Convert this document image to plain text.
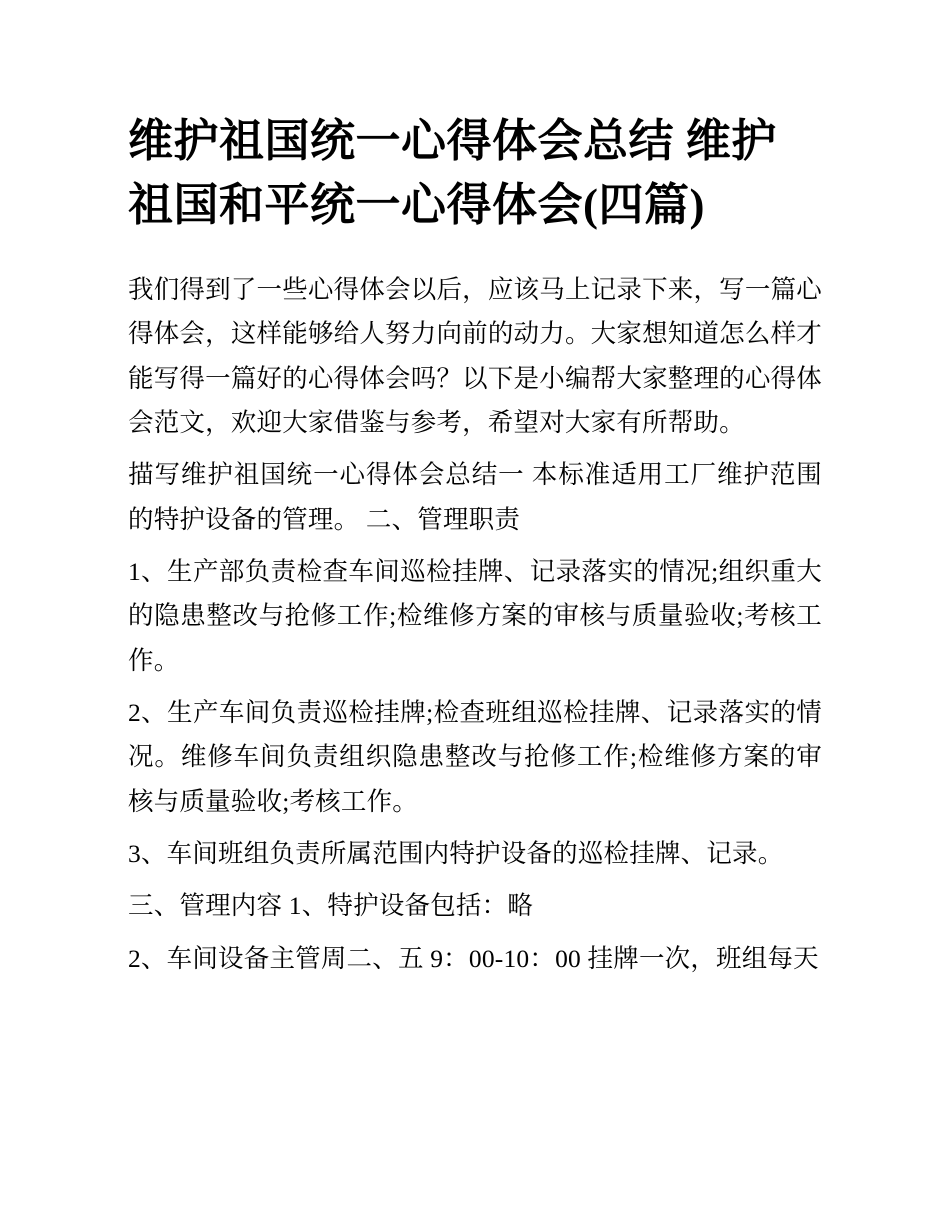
维护祖国统一心得体会总结 维护祖国和平统一心得体会(四篇)

我们得到了一些心得体会以后，应该马上记录下来，写一篇心得体会，这样能够给人努力向前的动力。大家想知道怎么样才能写得一篇好的心得体会吗？以下是小编帮大家整理的心得体会范文，欢迎大家借鉴与参考，希望对大家有所帮助。

描写维护祖国统一心得体会总结一 本标准适用工厂维护范围的特护设备的管理。 二、管理职责

1、生产部负责检查车间巡检挂牌、记录落实的情况;组织重大的隐患整改与抢修工作;检维修方案的审核与质量验收;考核工作。

2、生产车间负责巡检挂牌;检查班组巡检挂牌、记录落实的情况。维修车间负责组织隐患整改与抢修工作;检维修方案的审核与质量验收;考核工作。

3、车间班组负责所属范围内特护设备的巡检挂牌、记录。

三、管理内容 1、特护设备包括：略

2、车间设备主管周二、五 9：00-10：00 挂牌一次，班组每天
